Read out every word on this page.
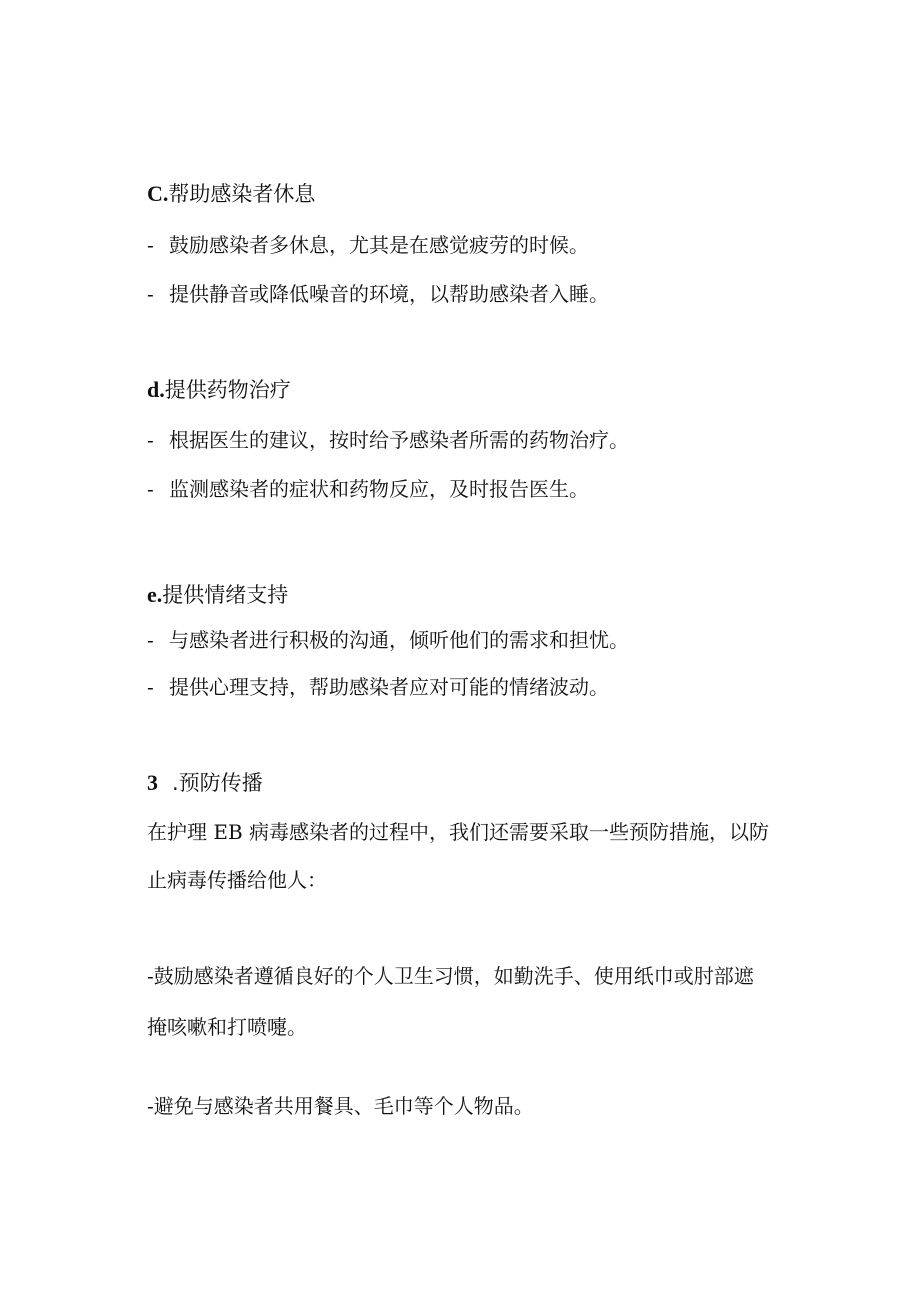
C.帮助感染者休息
- 鼓励感染者多休息，尤其是在感觉疲劳的时候。
- 提供静音或降低噪音的环境，以帮助感染者入睡。
d.提供药物治疗
- 根据医生的建议，按时给予感染者所需的药物治疗。
- 监测感染者的症状和药物反应，及时报告医生。
e.提供情绪支持
- 与感染者进行积极的沟通，倾听他们的需求和担忧。
- 提供心理支持，帮助感染者应对可能的情绪波动。
3 .预防传播
在护理 EB 病毒感染者的过程中，我们还需要采取一些预防措施，以防
止病毒传播给他人：
-鼓励感染者遵循良好的个人卫生习惯，如勤洗手、使用纸巾或肘部遮
掩咳嗽和打喷嚏。
-避免与感染者共用餐具、毛巾等个人物品。
